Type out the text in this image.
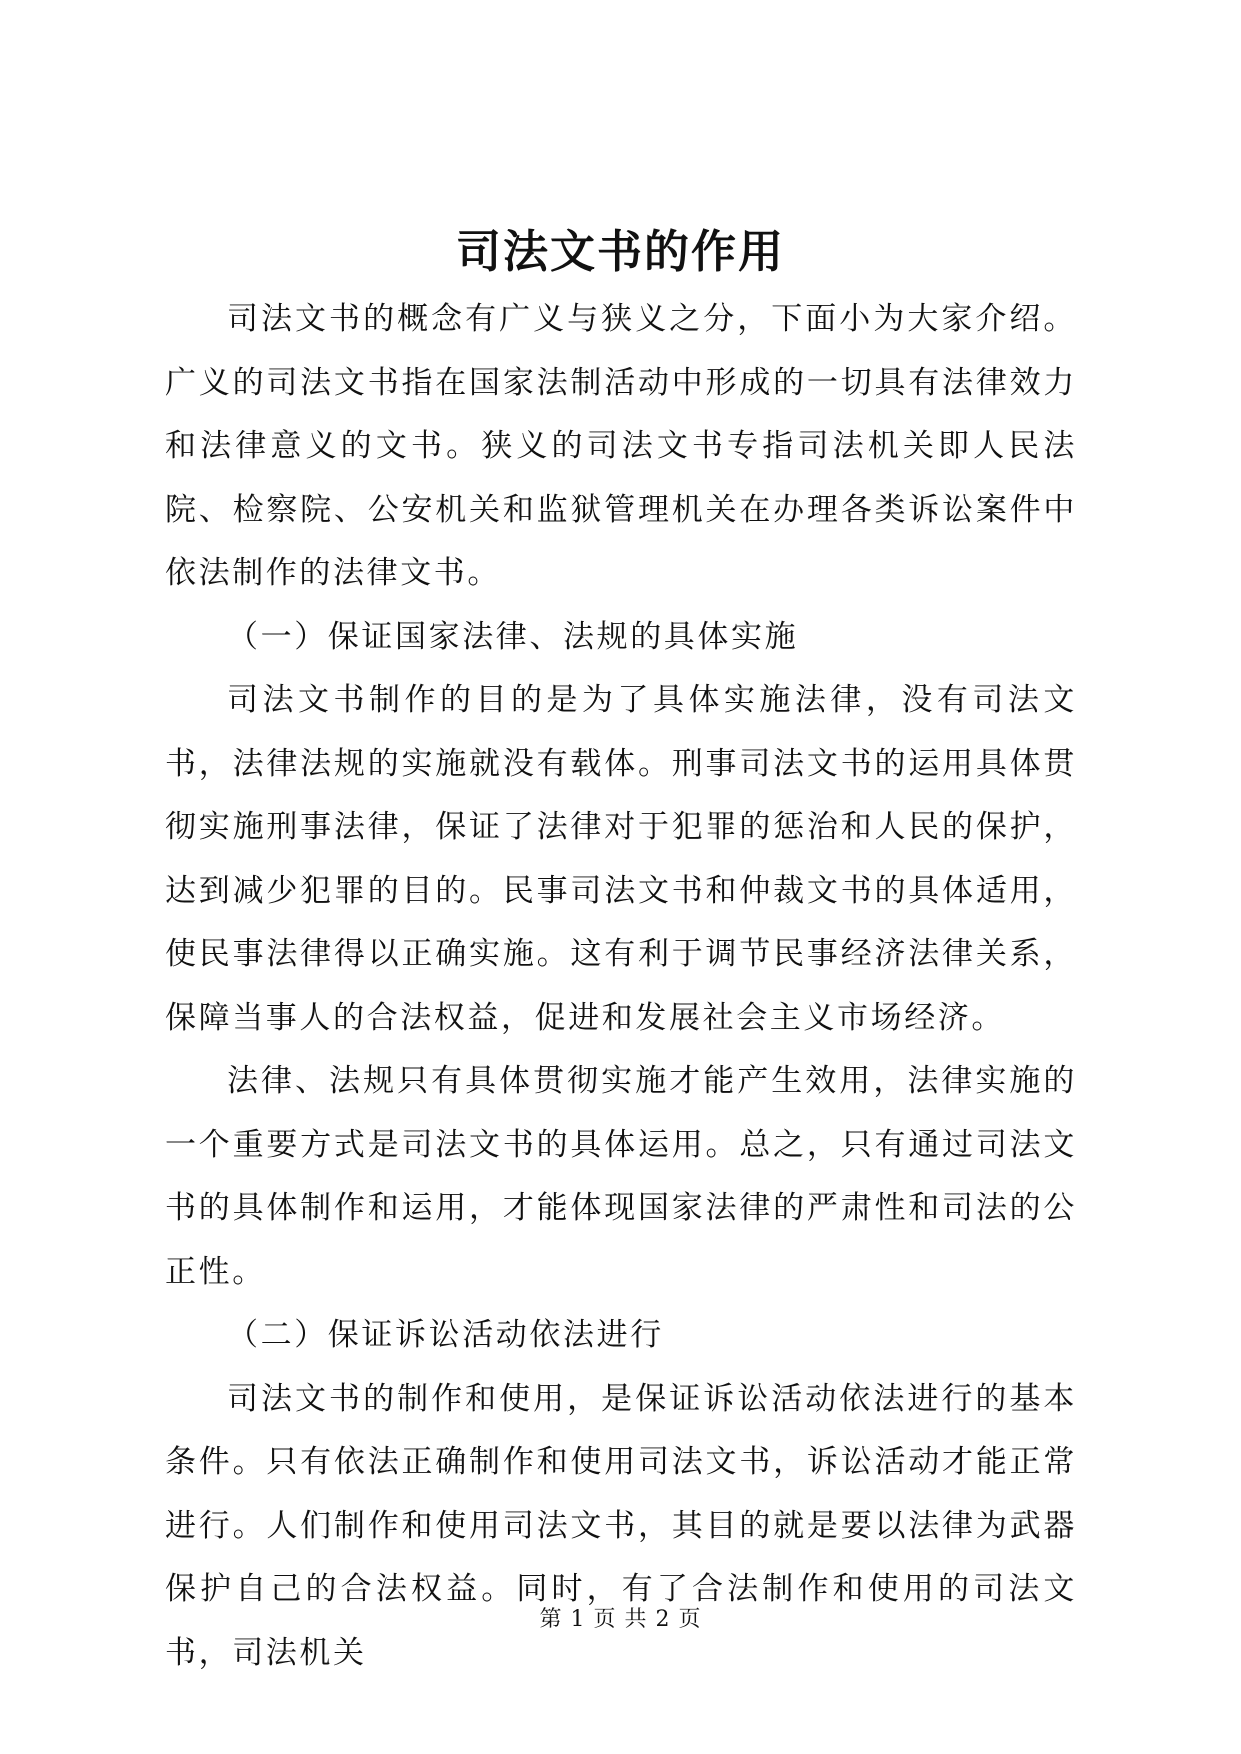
司法文书的作用

司法文书的概念有广义与狭义之分，下面小为大家介绍。广义的司法文书指在国家法制活动中形成的一切具有法律效力和法律意义的文书。狭义的司法文书专指司法机关即人民法院、检察院、公安机关和监狱管理机关在办理各类诉讼案件中依法制作的法律文书。

（一）保证国家法律、法规的具体实施

司法文书制作的目的是为了具体实施法律，没有司法文书，法律法规的实施就没有载体。刑事司法文书的运用具体贯彻实施刑事法律，保证了法律对于犯罪的惩治和人民的保护，达到减少犯罪的目的。民事司法文书和仲裁文书的具体适用，使民事法律得以正确实施。这有利于调节民事经济法律关系，保障当事人的合法权益，促进和发展社会主义市场经济。

法律、法规只有具体贯彻实施才能产生效用，法律实施的一个重要方式是司法文书的具体运用。总之，只有通过司法文书的具体制作和运用，才能体现国家法律的严肃性和司法的公正性。

（二）保证诉讼活动依法进行

司法文书的制作和使用，是保证诉讼活动依法进行的基本条件。只有依法正确制作和使用司法文书，诉讼活动才能正常进行。人们制作和使用司法文书，其目的就是要以法律为武器保护自己的合法权益。同时，有了合法制作和使用的司法文书，司法机关

第 1 页 共 2 页
